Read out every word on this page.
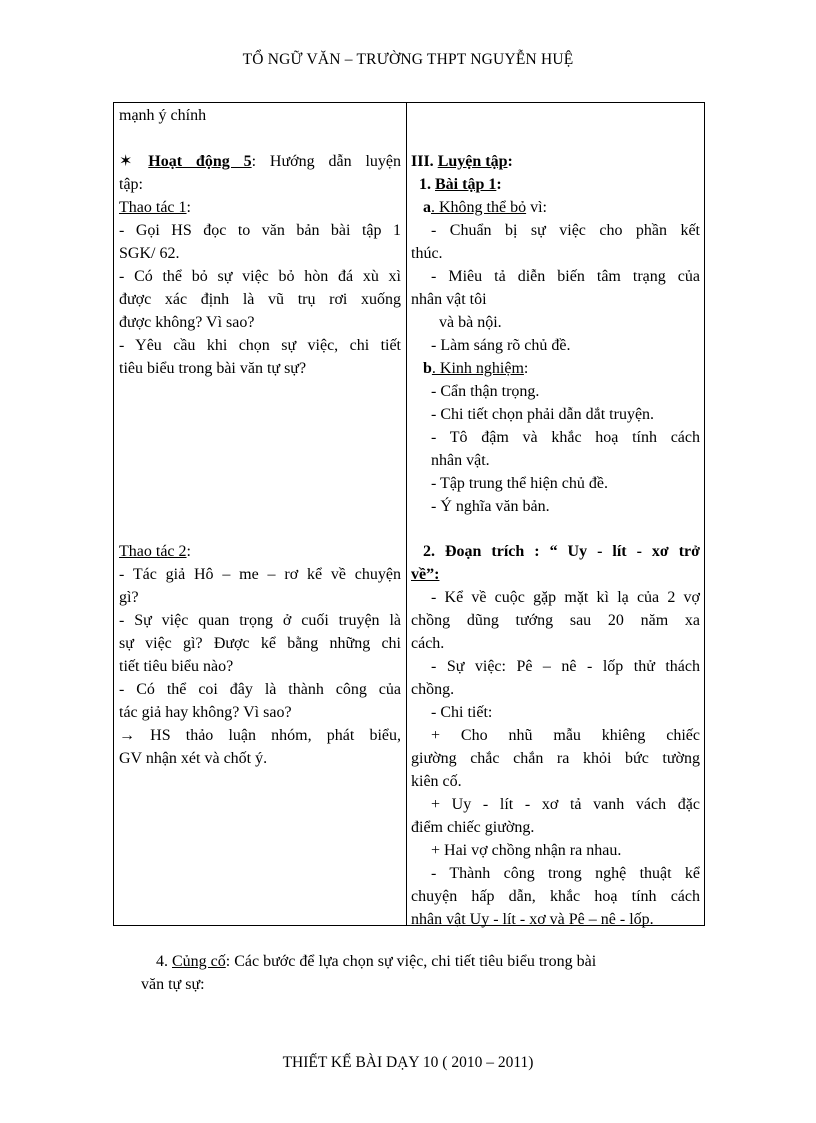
TỔ NGỮ VĂN – TRƯỜNG THPT NGUYỄN HUỆ
mạnh ý chính
✶ Hoạt động 5: Hướng dẫn luyện
tập:
Thao tác 1:
- Gọi HS đọc to văn bản bài tập 1
SGK/ 62.
- Có thể bỏ sự việc bỏ hòn đá xù xì
được xác định là vũ trụ rơi xuống
được không? Vì sao?
- Yêu cầu khi chọn sự việc, chi tiết
tiêu biểu trong bài văn tự sự?
Thao tác 2:
- Tác giả Hô – me – rơ kể về chuyện
gì?
- Sự việc quan trọng ở cuối truyện là
sự việc gì? Được kể bằng những chi
tiết tiêu biểu nào?
- Có thể coi đây là thành công của
tác giả hay không? Vì sao?
→ HS thảo luận nhóm, phát biểu,
GV nhận xét và chốt ý.
III. Luyện tập:
1. Bài tập 1:
a. Không thể bỏ vì:
- Chuẩn bị sự việc cho phần kết
thúc.
- Miêu tả diễn biến tâm trạng của
nhân vật tôi
và bà nội.
- Làm sáng rõ chủ đề.
b. Kinh nghiệm:
- Cẩn thận trọng.
- Chi tiết chọn phải dẫn dắt truyện.
- Tô đậm và khắc hoạ tính cách
nhân vật.
- Tập trung thể hiện chủ đề.
- Ý nghĩa văn bản.
2. Đoạn trích : “ Uy - lít - xơ trở
về”:
- Kể về cuộc gặp mặt kì lạ của 2 vợ
chồng dũng tướng sau 20 năm xa
cách.
- Sự việc: Pê – nê - lốp thử thách
chồng.
- Chi tiết:
+ Cho nhũ mẫu khiêng chiếc
giường chắc chắn ra khỏi bức tường
kiên cố.
+ Uy - lít - xơ tả vanh vách đặc
điểm chiếc giường.
+ Hai vợ chồng nhận ra nhau.
- Thành công trong nghệ thuật kể
chuyện hấp dẫn, khắc hoạ tính cách
nhân vật Uy - lít - xơ và Pê – nê - lốp.
4. Củng cố: Các bước để lựa chọn sự việc, chi tiết tiêu biểu trong bài
văn tự sự:
THIẾT KẾ BÀI DẠY 10 ( 2010 – 2011)
